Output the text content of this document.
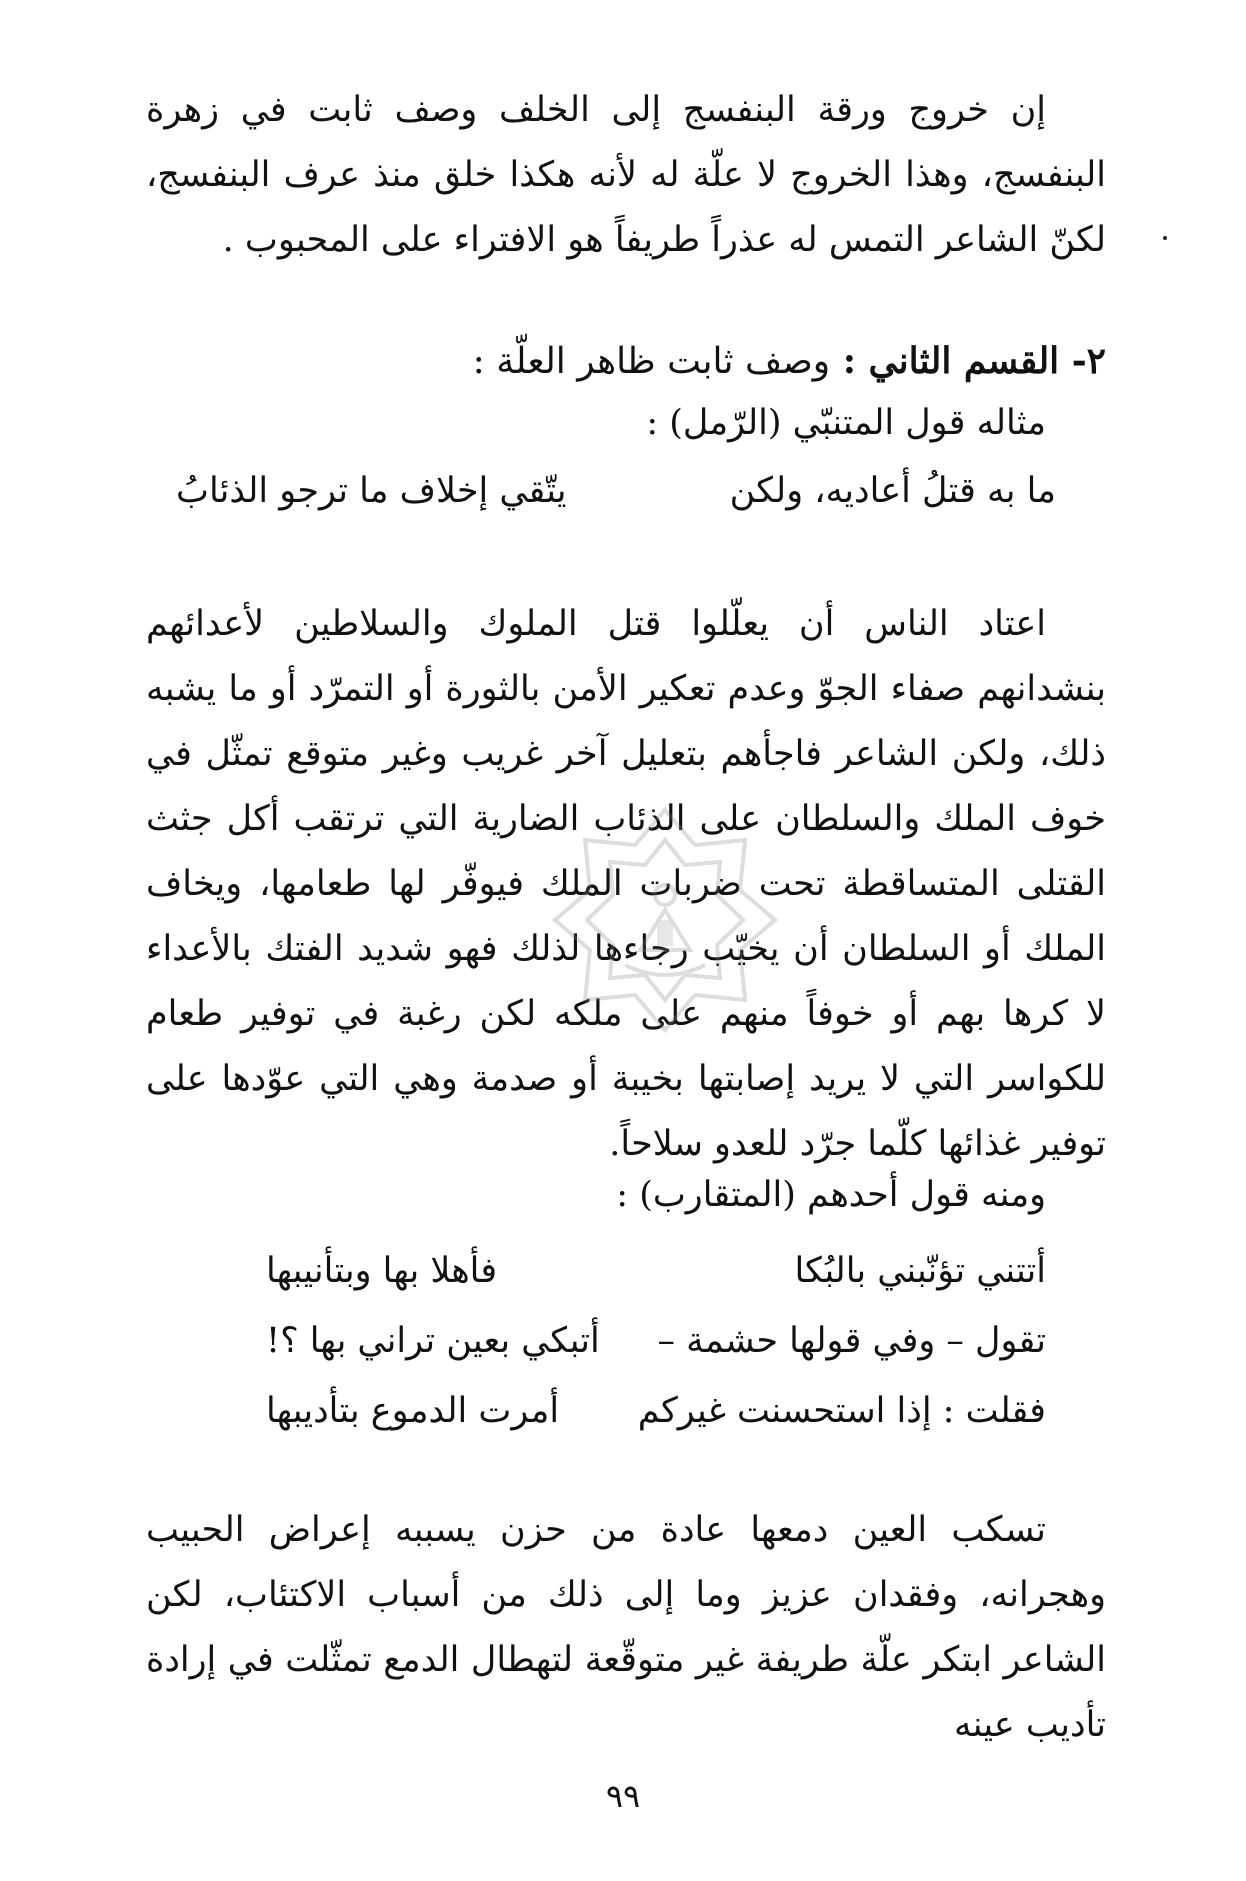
إن خروج ورقة البنفسج إلى الخلف وصف ثابت في زهرة البنفسج، وهذا الخروج لا علّة له لأنه هكذا خلق منذ عرف البنفسج، لكنّ الشاعر التمس له عذراً طريفاً هو الافتراء على المحبوب .

٢- القسم الثاني : وصف ثابت ظاهر العلّة :
مثاله قول المتنبّي (الرّمل) :
ما به قتلُ أعاديه، ولكن
يتّقي إخلاف ما ترجو الذئابُ

اعتاد الناس أن يعلّلوا قتل الملوك والسلاطين لأعدائهم بنشدانهم صفاء الجوّ وعدم تعكير الأمن بالثورة أو التمرّد أو ما يشبه ذلك، ولكن الشاعر فاجأهم بتعليل آخر غريب وغير متوقع تمثّل في خوف الملك والسلطان على الذئاب الضارية التي ترتقب أكل جثث القتلى المتساقطة تحت ضربات الملك فيوفّر لها طعامها، ويخاف الملك أو السلطان أن يخيّب رجاءها لذلك فهو شديد الفتك بالأعداء لا كرها بهم أو خوفاً منهم على ملكه لكن رغبة في توفير طعام للكواسر التي لا يريد إصابتها بخيبة أو صدمة وهي التي عوّدها على توفير غذائها كلّما جرّد للعدو سلاحاً.

ومنه قول أحدهم (المتقارب) :
أتتني تؤنّبني بالبُكا
فأهلا بها وبتأنيبها
تقول – وفي قولها حشمة –
أتبكي بعين تراني بها ؟!
فقلت : إذا استحسنت غيركم
أمرت الدموع بتأديبها

تسكب العين دمعها عادة من حزن يسببه إعراض الحبيب وهجرانه، وفقدان عزيز وما إلى ذلك من أسباب الاكتئاب، لكن الشاعر ابتكر علّة طريفة غير متوقّعة لتهطال الدمع تمثّلت في إرادة تأديب عينه

٩٩
